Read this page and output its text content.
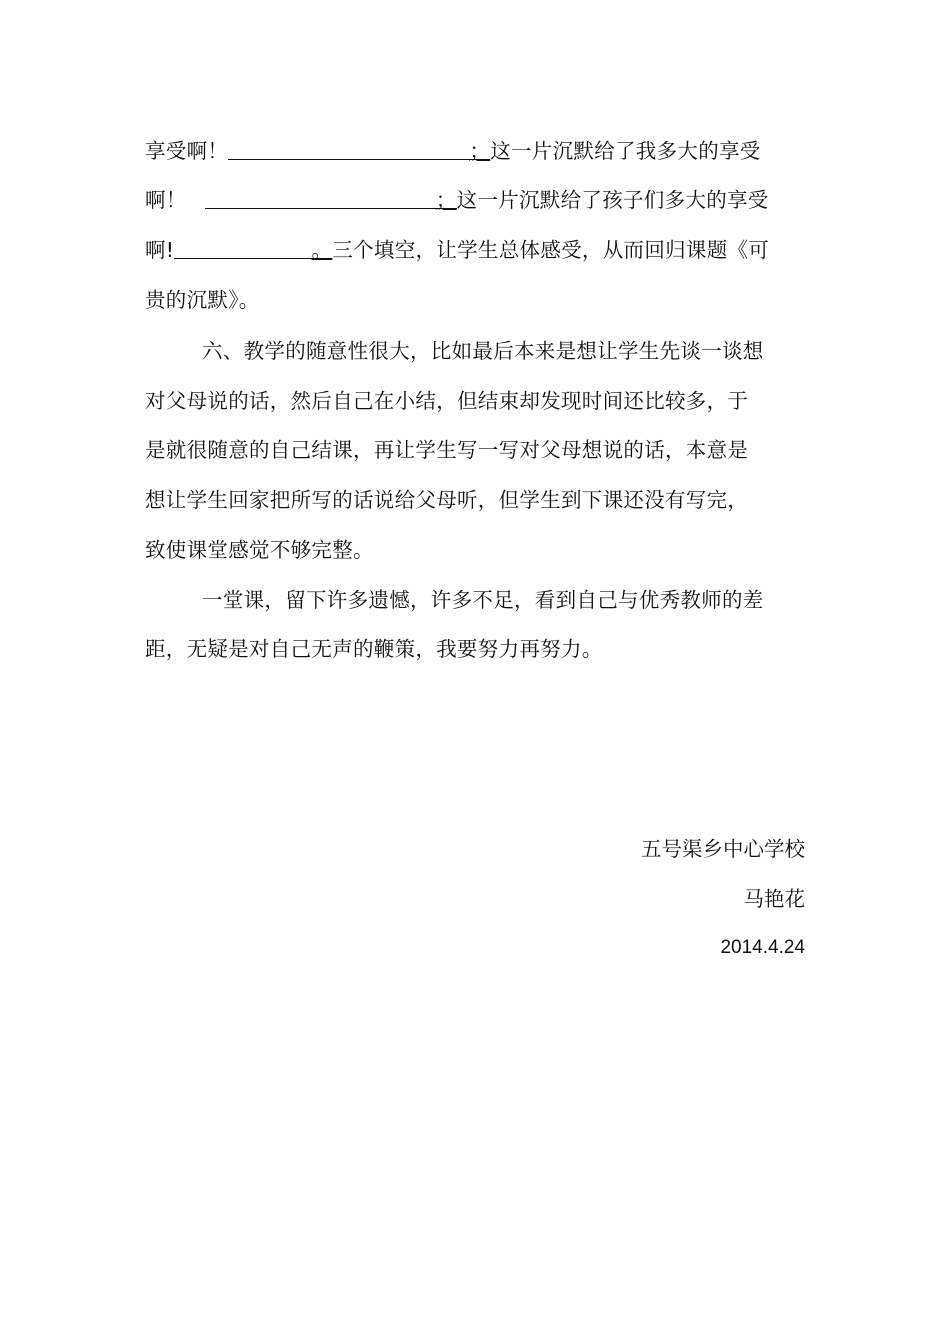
享受啊！	；这一片沉默给了我多大的享受
啊！	；这一片沉默给了孩子们多大的享受
啊!	。三个填空，让学生总体感受，从而回归课题《可
贵的沉默》。
六、教学的随意性很大，比如最后本来是想让学生先谈一谈想
对父母说的话，然后自己在小结，但结束却发现时间还比较多，于
是就很随意的自己结课，再让学生写一写对父母想说的话，本意是
想让学生回家把所写的话说给父母听，但学生到下课还没有写完，
致使课堂感觉不够完整。
一堂课，留下许多遗憾，许多不足，看到自己与优秀教师的差
距，无疑是对自己无声的鞭策，我要努力再努力。
五号渠乡中心学校
马艳花
2014.4.24
